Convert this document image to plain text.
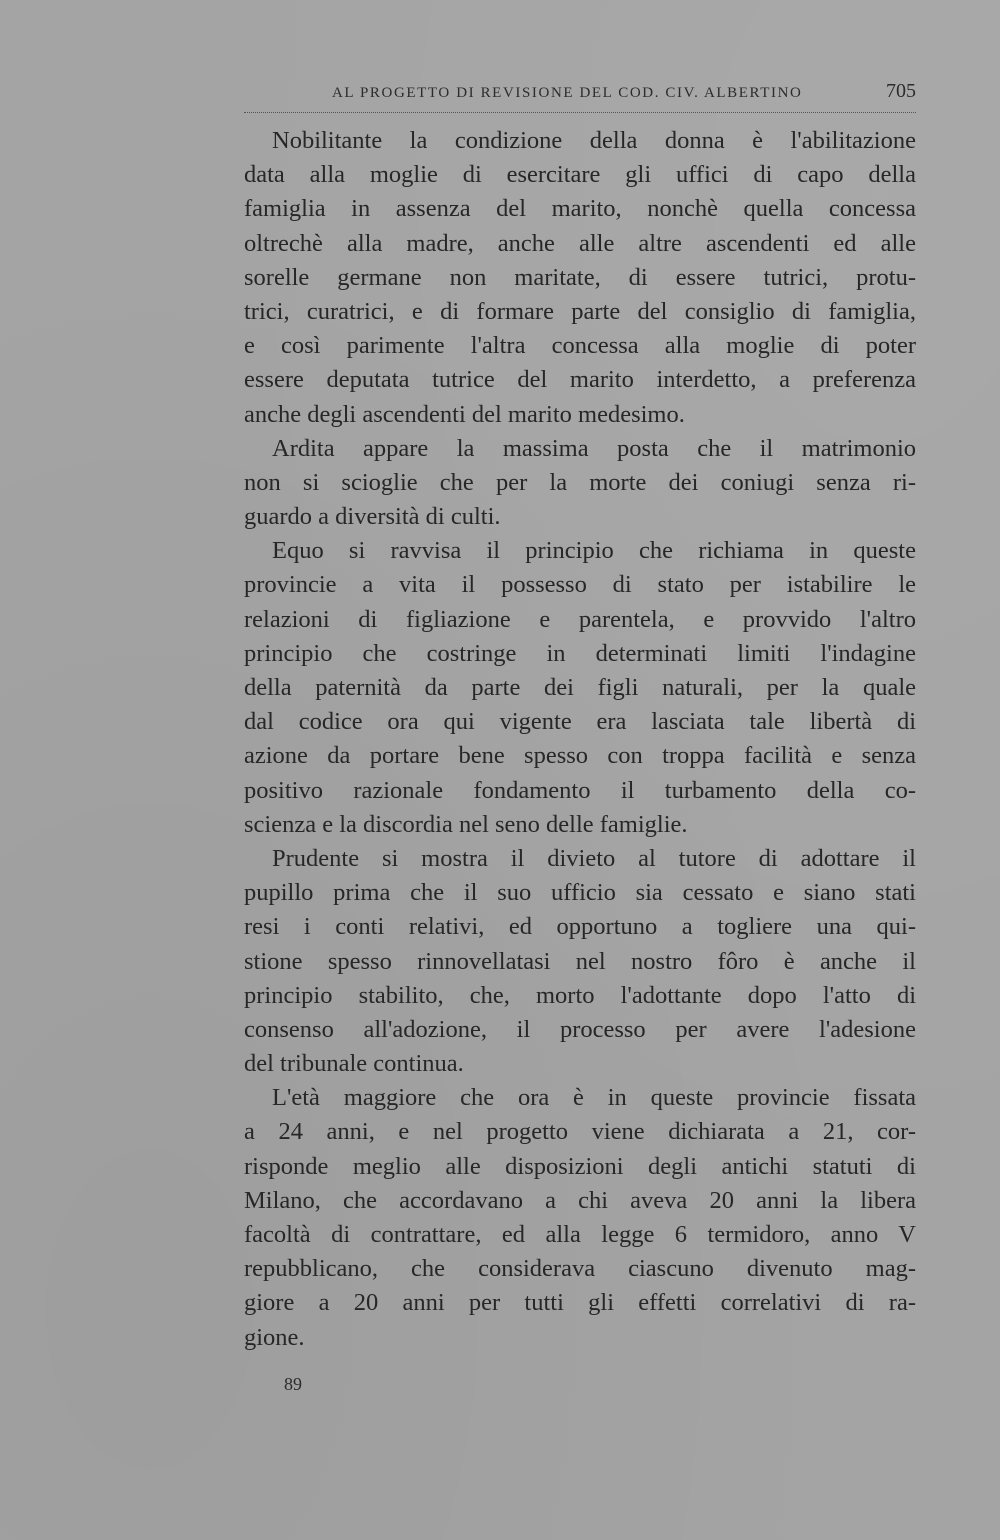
AL PROGETTO DI REVISIONE DEL COD. CIV. ALBERTINO	705
Nobilitante la condizione della donna è l'abilitazione
data alla moglie di esercitare gli uffici di capo della
famiglia in assenza del marito, nonchè quella concessa
oltrechè alla madre, anche alle altre ascendenti ed alle
sorelle germane non maritate, di essere tutrici, protu-
trici, curatrici, e di formare parte del consiglio di famiglia,
e così parimente l'altra concessa alla moglie di poter
essere deputata tutrice del marito interdetto, a preferenza
anche degli ascendenti del marito medesimo.
Ardita appare la massima posta che il matrimonio
non si scioglie che per la morte dei coniugi senza ri-
guardo a diversità di culti.
Equo si ravvisa il principio che richiama in queste
provincie a vita il possesso di stato per istabilire le
relazioni di figliazione e parentela, e provvido l'altro
principio che costringe in determinati limiti l'indagine
della paternità da parte dei figli naturali, per la quale
dal codice ora qui vigente era lasciata tale libertà di
azione da portare bene spesso con troppa facilità e senza
positivo razionale fondamento il turbamento della co-
scienza e la discordia nel seno delle famiglie.
Prudente si mostra il divieto al tutore di adottare il
pupillo prima che il suo ufficio sia cessato e siano stati
resi i conti relativi, ed opportuno a togliere una qui-
stione spesso rinnovellatasi nel nostro fôro è anche il
principio stabilito, che, morto l'adottante dopo l'atto di
consenso all'adozione, il processo per avere l'adesione
del tribunale continua.
L'età maggiore che ora è in queste provincie fissata
a 24 anni, e nel progetto viene dichiarata a 21, cor-
risponde meglio alle disposizioni degli antichi statuti di
Milano, che accordavano a chi aveva 20 anni la libera
facoltà di contrattare, ed alla legge 6 termidoro, anno V
repubblicano, che considerava ciascuno divenuto mag-
giore a 20 anni per tutti gli effetti correlativi di ra-
gione.
89
